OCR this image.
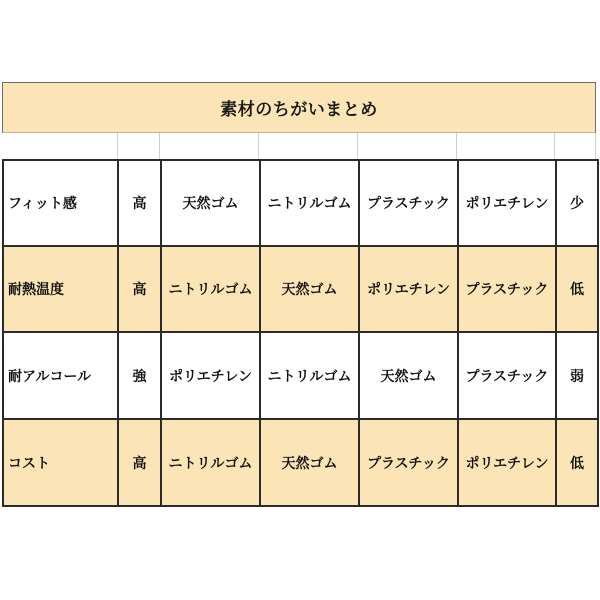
素材のちがいまとめ
フィット感	高	天然ゴム	ニトリルゴム	プラスチック	ポリエチレン	少
耐熱温度	高	ニトリルゴム	天然ゴム	ポリエチレン	プラスチック	低
耐アルコール	強	ポリエチレン	ニトリルゴム	天然ゴム	プラスチック	弱
コスト	高	ニトリルゴム	天然ゴム	プラスチック	ポリエチレン	低
